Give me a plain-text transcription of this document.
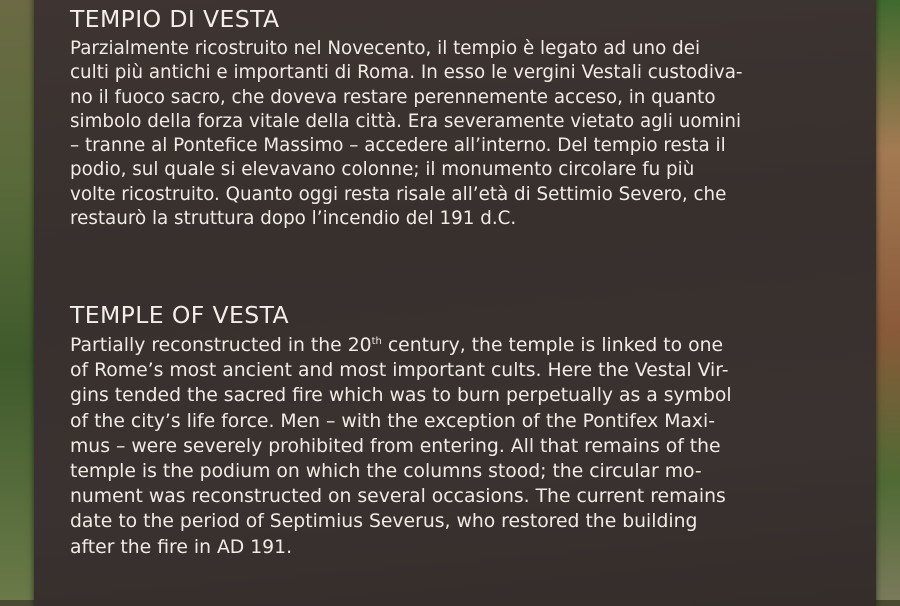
TEMPIO DI VESTA
Parzialmente ricostruito nel Novecento, il tempio è legato ad uno dei
culti più antichi e importanti di Roma. In esso le vergini Vestali custodiva-
no il fuoco sacro, che doveva restare perennemente acceso, in quanto
simbolo della forza vitale della città. Era severamente vietato agli uomini
– tranne al Pontefice Massimo – accedere all’interno. Del tempio resta il
podio, sul quale si elevavano colonne; il monumento circolare fu più
volte ricostruito. Quanto oggi resta risale all’età di Settimio Severo, che
restaurò la struttura dopo l’incendio del 191 d.C.
TEMPLE OF VESTA
Partially reconstructed in the 20th century, the temple is linked to one
of Rome’s most ancient and most important cults. Here the Vestal Vir-
gins tended the sacred fire which was to burn perpetually as a symbol
of the city’s life force. Men – with the exception of the Pontifex Maxi-
mus – were severely prohibited from entering. All that remains of the
temple is the podium on which the columns stood; the circular mo-
nument was reconstructed on several occasions. The current remains
date to the period of Septimius Severus, who restored the building
after the fire in AD 191.
